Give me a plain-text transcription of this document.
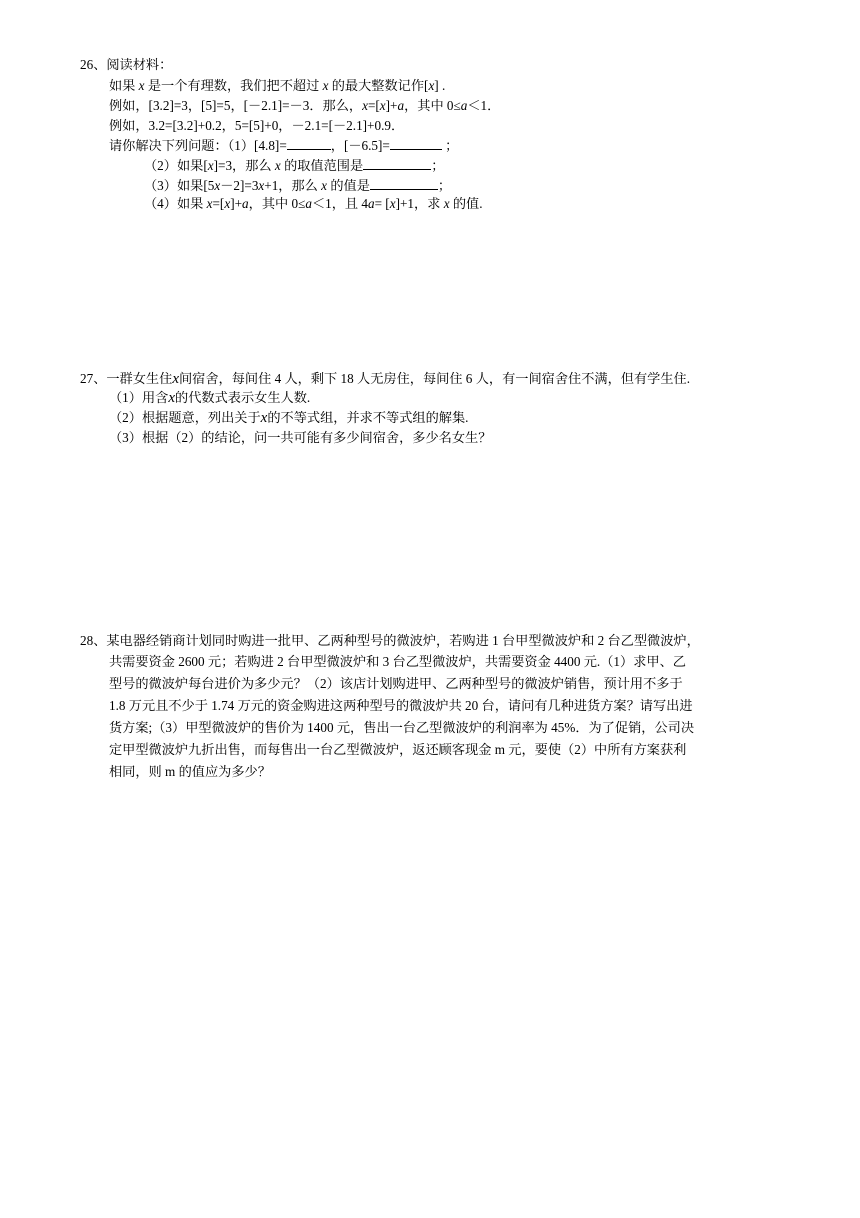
26、阅读材料：
如果 x 是一个有理数，我们把不超过 x 的最大整数记作[x] .
例如，[3.2]=3，[5]=5，[－2.1]=－3．那么，x=[x]+a，其中 0≤a＜1．
例如，3.2=[3.2]+0.2，5=[5]+0，－2.1=[－2.1]+0.9．
请你解决下列问题：（1）[4.8]=	，[－6.5]=	；
（2）如果[x]=3，那么 x 的取值范围是	；
（3）如果[5x－2]=3x+1，那么 x 的值是	；
（4）如果 x=[x]+a，其中 0≤a＜1，且 4a= [x]+1，求 x 的值.
27、一群女生住x间宿舍，每间住 4 人，剩下 18 人无房住，每间住 6 人，有一间宿舍住不满，但有学生住.
（1）用含x的代数式表示女生人数.
（2）根据题意，列出关于x的不等式组，并求不等式组的解集.
（3）根据（2）的结论，问一共可能有多少间宿舍，多少名女生？
28、某电器经销商计划同时购进一批甲、乙两种型号的微波炉，若购进 1 台甲型微波炉和 2 台乙型微波炉，
共需要资金 2600 元；若购进 2 台甲型微波炉和 3 台乙型微波炉，共需要资金 4400 元.（1）求甲、乙
型号的微波炉每台进价为多少元？（2）该店计划购进甲、乙两种型号的微波炉销售，预计用不多于
1.8 万元且不少于 1.74 万元的资金购进这两种型号的微波炉共 20 台，请问有几种进货方案？请写出进
货方案;（3）甲型微波炉的售价为 1400 元，售出一台乙型微波炉的利润率为 45%．为了促销，公司决
定甲型微波炉九折出售，而每售出一台乙型微波炉，返还顾客现金 m 元，要使（2）中所有方案获利
相同，则 m 的值应为多少？
